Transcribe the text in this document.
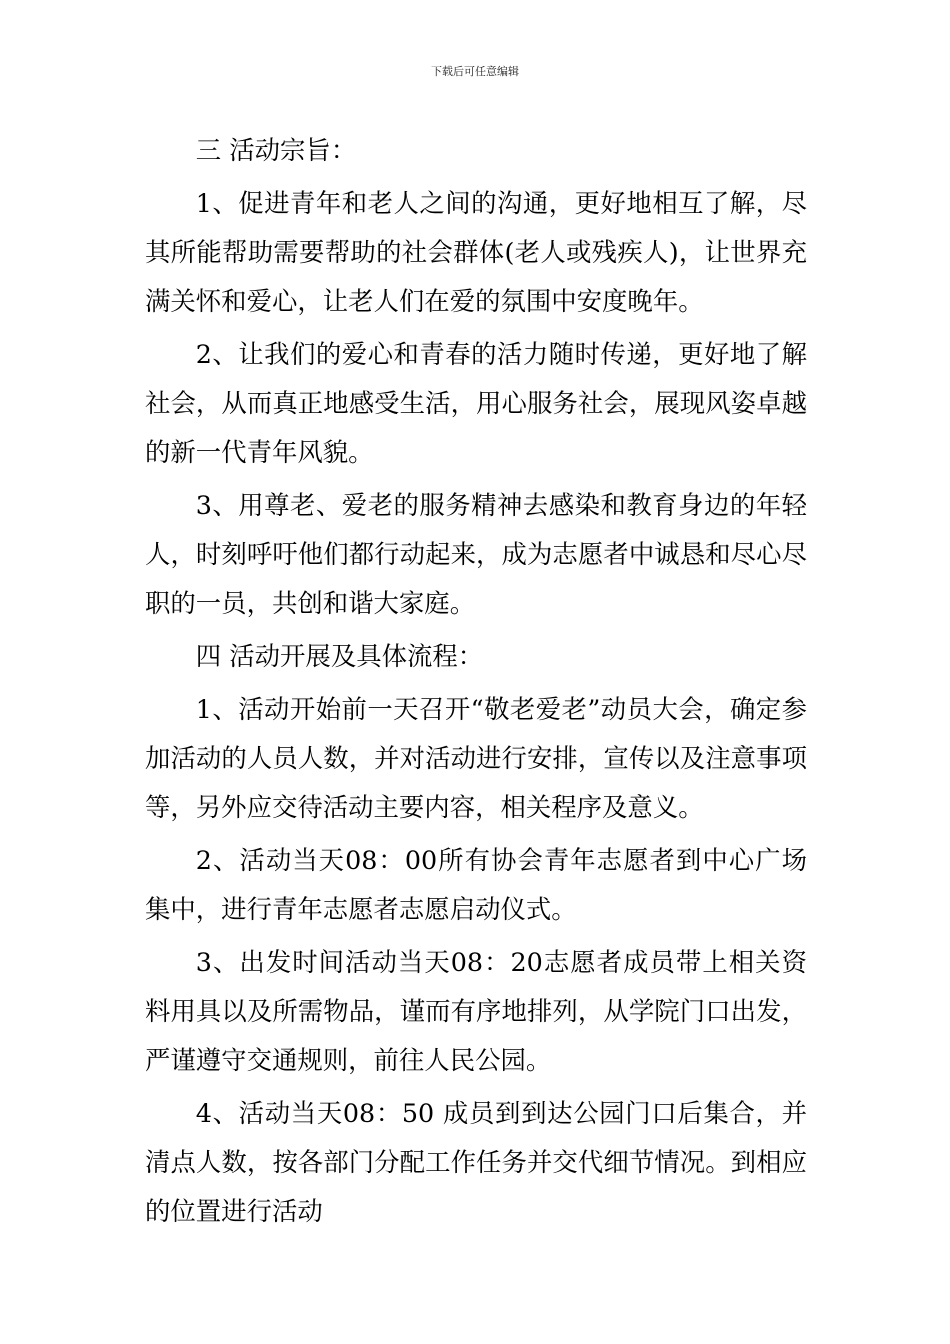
下载后可任意编辑

三 活动宗旨：

1、促进青年和老人之间的沟通，更好地相互了解，尽其所能帮助需要帮助的社会群体(老人或残疾人)，让世界充满关怀和爱心，让老人们在爱的氛围中安度晚年。

2、让我们的爱心和青春的活力随时传递，更好地了解社会，从而真正地感受生活，用心服务社会，展现风姿卓越的新一代青年风貌。

3、用尊老、爱老的服务精神去感染和教育身边的年轻人，时刻呼吁他们都行动起来，成为志愿者中诚恳和尽心尽职的一员，共创和谐大家庭。

四 活动开展及具体流程：

1、活动开始前一天召开“敬老爱老”动员大会，确定参加活动的人员人数，并对活动进行安排，宣传以及注意事项等，另外应交待活动主要内容，相关程序及意义。

2、活动当天08：00所有协会青年志愿者到中心广场集中，进行青年志愿者志愿启动仪式。

3、出发时间活动当天08：20志愿者成员带上相关资料用具以及所需物品，谨而有序地排列，从学院门口出发，严谨遵守交通规则，前往人民公园。

4、活动当天08：50 成员到到达公园门口后集合，并清点人数，按各部门分配工作任务并交代细节情况。到相应的位置进行活动
